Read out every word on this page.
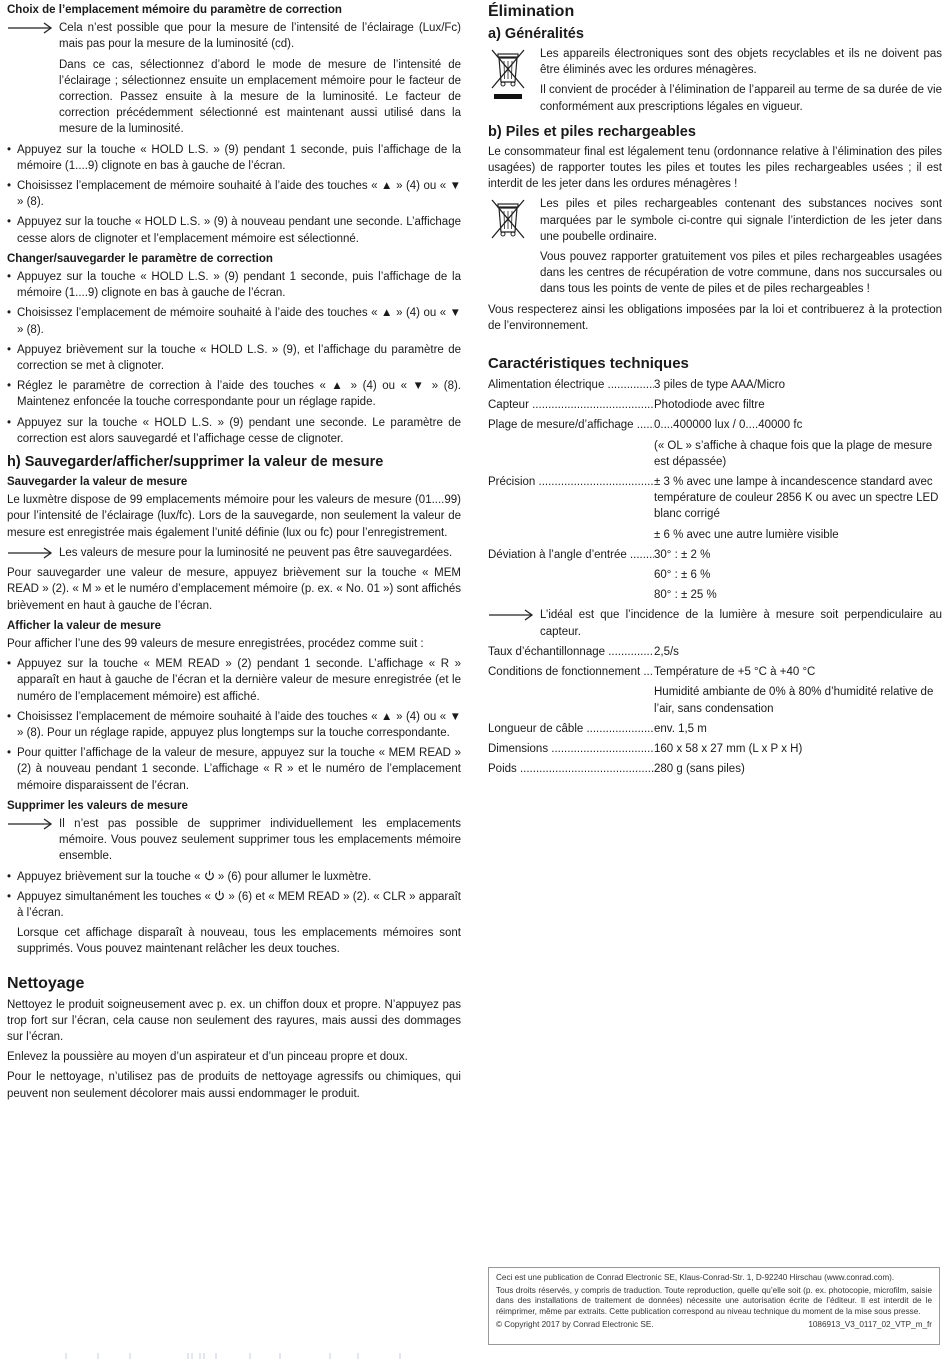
Choix de l’emplacement mémoire du paramètre de correction

Cela n’est possible que pour la mesure de l’intensité de l’éclairage (Lux/Fc) mais pas pour la mesure de la luminosité (cd).

Dans ce cas, sélectionnez d’abord le mode de mesure de l’intensité de l’éclairage ; sélectionnez ensuite un emplacement mémoire pour le facteur de correction. Passez ensuite à la mesure de la luminosité. Le facteur de correction précédemment sélectionné est maintenant aussi utilisé dans la mesure de la luminosité.

• Appuyez sur la touche « HOLD L.S. » (9) pendant 1 seconde, puis l’affichage de la mémoire (1....9) clignote en bas à gauche de l’écran.
• Choisissez l’emplacement de mémoire souhaité à l’aide des touches « ▲ » (4) ou « ▼ » (8).
• Appuyez sur la touche « HOLD L.S. » (9) à nouveau pendant une seconde. L’affichage cesse alors de clignoter et l’emplacement mémoire est sélectionné.
Changer/sauvegarder le paramètre de correction
• Appuyez sur la touche « HOLD L.S. » (9) pendant 1 seconde, puis l’affichage de la mémoire (1....9) clignote en bas à gauche de l’écran.
• Choisissez l’emplacement de mémoire souhaité à l’aide des touches « ▲ » (4) ou « ▼ » (8).
• Appuyez brièvement sur la touche « HOLD L.S. » (9), et l’affichage du paramètre de correction se met à clignoter.
• Réglez le paramètre de correction à l’aide des touches « ▲ » (4) ou « ▼ » (8). Maintenez enfoncée la touche correspondante pour un réglage rapide.
• Appuyez sur la touche « HOLD L.S. » (9) pendant une seconde. Le paramètre de correction est alors sauvegardé et l’affichage cesse de clignoter.
h) Sauvegarder/afficher/supprimer la valeur de mesure
Sauvegarder la valeur de mesure

Le luxmètre dispose de 99 emplacements mémoire pour les valeurs de mesure (01....99) pour l’intensité de l’éclairage (lux/fc). Lors de la sauvegarde, non seulement la valeur de mesure est enregistrée mais également l’unité définie (lux ou fc) pour l’enregistrement.

Les valeurs de mesure pour la luminosité ne peuvent pas être sauvegardées.

Pour sauvegarder une valeur de mesure, appuyez brièvement sur la touche « MEM READ » (2). « M » et le numéro d’emplacement mémoire (p. ex. « No. 01 ») sont affichés brièvement en haut à gauche de l’écran.

Afficher la valeur de mesure

Pour afficher l’une des 99 valeurs de mesure enregistrées, procédez comme suit :

• Appuyez sur la touche « MEM READ » (2) pendant 1 seconde. L’affichage « R » apparaît en haut à gauche de l’écran et la dernière valeur de mesure enregistrée (et le numéro de l’emplacement mémoire) est affiché.
• Choisissez l’emplacement de mémoire souhaité à l’aide des touches « ▲ » (4) ou « ▼ » (8). Pour un réglage rapide, appuyez plus longtemps sur la touche correspondante.
• Pour quitter l’affichage de la valeur de mesure, appuyez sur la touche « MEM READ » (2) à nouveau pendant 1 seconde. L’affichage « R » et le numéro de l’emplacement mémoire disparaissent de l’écran.
Supprimer les valeurs de mesure

Il n’est pas possible de supprimer individuellement les emplacements mémoire. Vous pouvez seulement supprimer tous les emplacements mémoire ensemble.

• Appuyez brièvement sur la touche «  » (6) pour allumer le luxmètre.
• Appuyez simultanément les touches «  » (6) et « MEM READ » (2). « CLR » apparaît à l’écran.

Lorsque cet affichage disparaît à nouveau, tous les emplacements mémoires sont supprimés. Vous pouvez maintenant relâcher les deux touches.

Nettoyage

Nettoyez le produit soigneusement avec p. ex. un chiffon doux et propre. N’appuyez pas trop fort sur l’écran, cela cause non seulement des rayures, mais aussi des dommages sur l’écran.

Enlevez la poussière au moyen d’un aspirateur et d’un pinceau propre et doux.

Pour le nettoyage, n’utilisez pas de produits de nettoyage agressifs ou chimiques, qui peuvent non seulement décolorer mais aussi endommager le produit.

Élimination
a) Généralités

Les appareils électroniques sont des objets recyclables et ils ne doivent pas être éliminés avec les ordures ménagères.

Il convient de procéder à l’élimination de l’appareil au terme de sa durée de vie conformément aux prescriptions légales en vigueur.

b) Piles et piles rechargeables

Le consommateur final est légalement tenu (ordonnance relative à l’élimination des piles usagées) de rapporter toutes les piles et toutes les piles rechargeables usées ; il est interdit de les jeter dans les ordures ménagères !

Les piles et piles rechargeables contenant des substances nocives sont marquées par le symbole ci-contre qui signale l’interdiction de les jeter dans une poubelle ordinaire.

Vous pouvez rapporter gratuitement vos piles et piles rechargeables usagées dans les centres de récupération de votre commune, dans nos succursales ou dans tous les points de vente de piles et de piles rechargeables !

Vous respecterez ainsi les obligations imposées par la loi et contribuerez à la protection de l’environnement.

Caractéristiques techniques
Alimentation électrique .....	3 piles de type AAA/Micro
Capteur .....	Photodiode avec filtre
Plage de mesure/d’affichage .....	0....400000 lux / 0....40000 fc
(« OL » s’affiche à chaque fois que la plage de mesure est dépassée)
Précision .....	± 3 % avec une lampe à incandescence standard avec température de couleur 2856 K ou avec un spectre LED blanc corrigé
± 6 % avec une autre lumière visible
Déviation à l’angle d’entrée .....	30° : ± 2 %
60° : ± 6 %
80° : ± 25 %

L’idéal est que l’incidence de la lumière à mesure soit perpendiculaire au capteur.

Taux d’échantillonnage .....	2,5/s
Conditions de fonctionnement .....	Température de +5 °C à +40 °C
Humidité ambiante de 0% à 80% d’humidité relative de l’air, sans condensation
Longueur de câble .....	env. 1,5 m
Dimensions .....	160 x 58 x 27 mm (L x P x H)
Poids .....	280 g (sans piles)

Ceci est une publication de Conrad Electronic SE, Klaus-Conrad-Str. 1, D-92240 Hirschau (www.conrad.com).

Tous droits réservés, y compris de traduction. Toute reproduction, quelle qu’elle soit (p. ex. photocopie, microfilm, saisie dans des installations de traitement de données) nécessite une autorisation écrite de l’éditeur. Il est interdit de le réimprimer, même par extraits. Cette publication correspond au niveau technique du moment de la mise sous presse.

© Copyright 2017 by Conrad Electronic SE.	1086913_V3_0117_02_VTP_m_fr
